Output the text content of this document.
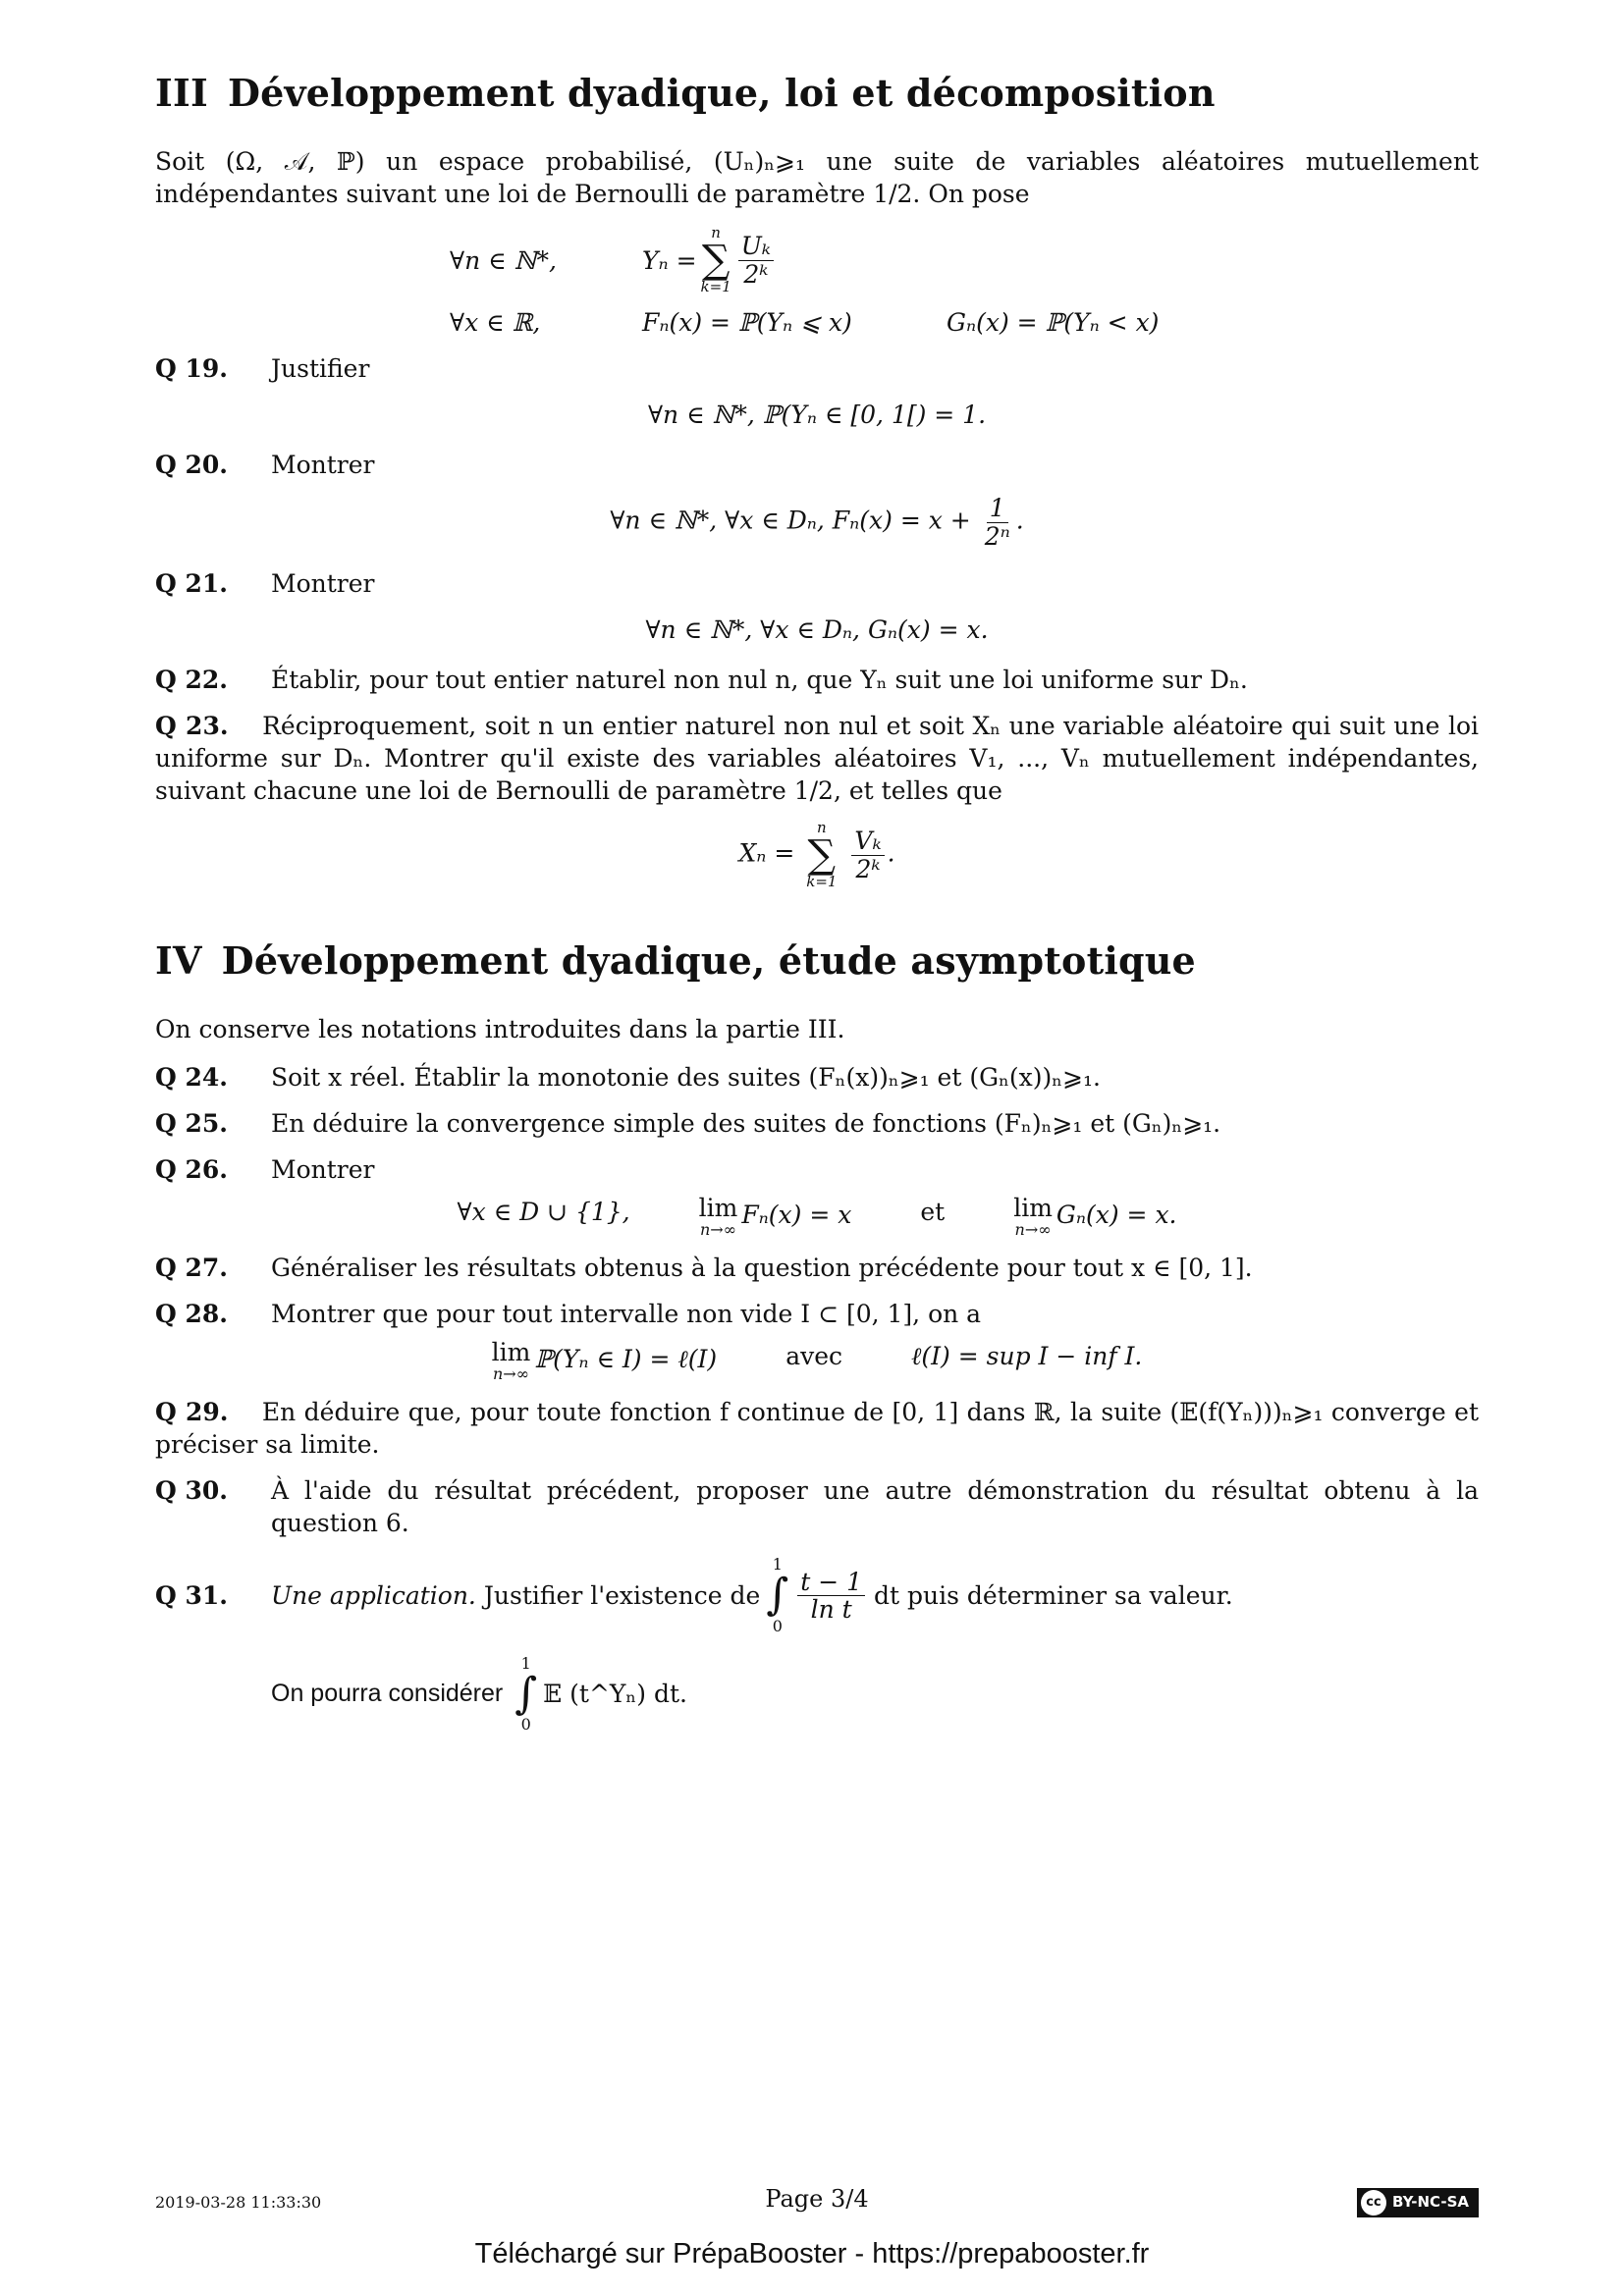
III Développement dyadique, loi et décomposition

Soit (Ω, 𝒜, ℙ) un espace probabilisé, (Uₙ)ₙ⩾₁ une suite de variables aléatoires mutuellement indépendantes suivant une loi de Bernoulli de paramètre 1/2. On pose

∀n ∈ ℕ*,	Yₙ =
n
∑
$k=1 \frac{\text{Uₖ}}{\text{2ᵏ}}$
∀x ∈ ℝ,	Fₙ(x) = ℙ(Yₙ ⩽ x)	Gₙ(x) = ℙ(Yₙ < x)
Q 19.	Justifier
∀n ∈ ℕ*, ℙ(Yₙ ∈ [0, 1[) = 1.
Q 20.	Montrer
∀n ∈ ℕ*, ∀x ∈ Dₙ, $F_n(x) = x + \frac{1}{\text{2ⁿ}}$ .
Q 21.	Montrer
∀n ∈ ℕ*, ∀x ∈ Dₙ, Gₙ(x) = x.
Q 22.	Établir, pour tout entier naturel non nul n, que Yₙ suit une loi uniforme sur Dₙ.
Q 23. Réciproquement, soit n un entier naturel non nul et soit Xₙ une variable aléatoire qui suit une loi uniforme sur Dₙ. Montrer qu'il existe des variables aléatoires V₁, ..., Vₙ mutuellement indépendantes, suivant chacune une loi de Bernoulli de paramètre 1/2, et telles que
Xₙ =
n
∑
k=1
$\frac{\text{Vₖ}}{\text{2ᵏ}}$ .
IV Développement dyadique, étude asymptotique

On conserve les notations introduites dans la partie III.

Q 24.	Soit x réel. Établir la monotonie des suites (Fₙ(x))ₙ⩾₁ et (Gₙ(x))ₙ⩾₁.
Q 25.	En déduire la convergence simple des suites de fonctions (Fₙ)ₙ⩾₁ et (Gₙ)ₙ⩾₁.
Q 26.	Montrer
∀x ∈ D ∪ {1},	lim
n→∞ Fₙ(x) = x	et	lim
n→∞ Gₙ(x) = x.
Q 27.	Généraliser les résultats obtenus à la question précédente pour tout x ∈ [0, 1].
Q 28.	Montrer que pour tout intervalle non vide I ⊂ [0, 1], on a
lim
n→∞ ℙ(Yₙ ∈ I) = ℓ(I)	avec	ℓ(I) = sup I − inf I.
Q 29. En déduire que, pour toute fonction f continue de [0, 1] dans ℝ, la suite (𝔼(f(Yₙ)))ₙ⩾₁ converge et préciser sa limite.
Q 30.	À l'aide du résultat précédent, proposer une autre démonstration du résultat obtenu à la question 6.
Q 31.	Une application. Justifier l'existence de
1
∫
0
$\frac{t - 1}{\text{ln t}}$ dt puis déterminer sa valeur.
On pourra considérer
1
∫
0
𝔼 (t^Yₙ) dt.
2019-03-28 11:33:30	Page 3/4	cc BY-NC-SA
Téléchargé sur PrépaBooster - https://prepabooster.fr
